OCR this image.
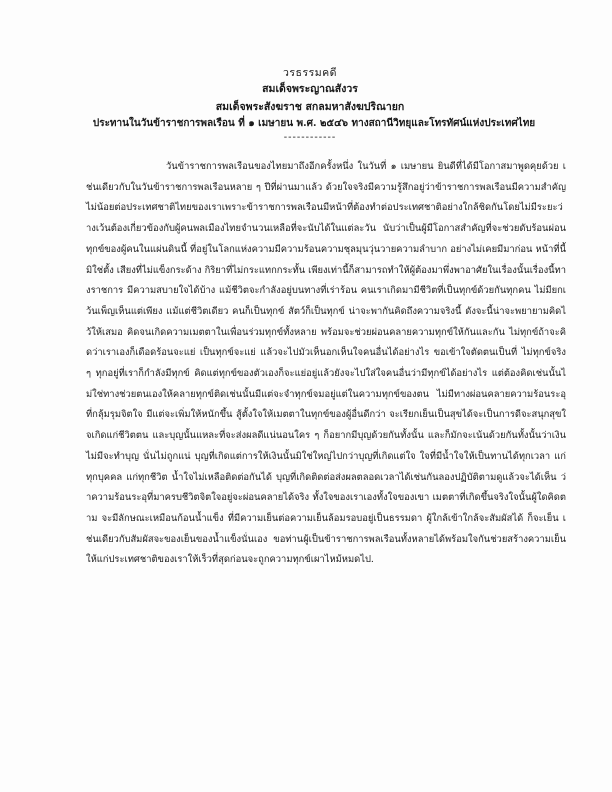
วรธรรมคดี
สมเด็จพระญาณสังวร
สมเด็จพระสังฆราช สกลมหาสังฆปริณายก
ประทานในวันข้าราชการพลเรือน ที่ ๑ เมษายน พ.ศ. ๒๕๔๖ ทางสถานีวิทยุและโทรทัศน์แห่งประเทศไทย
------------

วันข้าราชการพลเรือนของไทยมาถึงอีกครั้งหนึ่ง ในวันที่ ๑ เมษายน ยินดีที่ได้มีโอกาสมาพูดคุยด้วย เช่นเดียวกับในวันข้าราชการพลเรือนหลาย ๆ ปีที่ผ่านมาแล้ว ด้วยใจจริงมีความรู้สึกอยู่ว่าข้าราชการพลเรือนมีความสำคัญไม่น้อยต่อประเทศชาติไทยของเราเพราะข้าราชการพลเรือนมีหน้าที่ต้องทำต่อประเทศชาติอย่างใกล้ชิดกันโดยไม่มีระยะว่างเว้นต้องเกี่ยวข้องกับผู้คนพลเมืองไทยจำนวนเหลือที่จะนับได้ในแต่ละวัน นับว่าเป็นผู้มีโอกาสสำคัญที่จะช่วยดับร้อนผ่อนทุกข์ของผู้คนในแผ่นดินนี้ ที่อยู่ในโลกแห่งความมีความร้อนความชุลมุนวุ่นวายความลำบาก อย่างไม่เคยมีมาก่อน หน้าที่นี้มิใช่ตั้ง เสียงที่ไม่แข็งกระด้าง กิริยาที่ไม่กระแทกกระทั้น เพียงเท่านี้ก็สามารถทำให้ผู้ต้องมาพึ่งพาอาศัยในเรื่องนั้นเรื่องนี้ทางราชการ มีความสบายใจได้บ้าง แม้ชีวิตจะกำลังอยู่บนทางที่เร่าร้อน คนเราเกิดมามีชีวิตที่เป็นทุกข์ด้วยกันทุกคน ไม่มียกเว้นเพ็ญเห็นแต่เพียง แม้แต่ชีวิตเดียว คนก็เป็นทุกข์ สัตว์ก็เป็นทุกข์ น่าจะพากันคิดถึงความจริงนี้ ดังจะนี้น่าจะพยายามคิดไว้ให้เสมอ คิดจนเกิดความเมตตาในเพื่อนร่วมทุกข์ทั้งหลาย พร้อมจะช่วยผ่อนคลายความทุกข์ให้กันและกัน ไม่ทุกข์ถ้าจะคิดว่าเราเองก็เดือดร้อนจะแย่ เป็นทุกข์จะแย่ แล้วจะไปมัวเห็นอกเห็นใจคนอื่นได้อย่างไร ขอเข้าใจตัดตนเป็นที่ ไม่ทุกข์จริง ๆ ทุกอยู่ที่เราก็กำลังมีทุกข์ คิดแต่ทุกข์ของตัวเองก็จะแย่อยู่แล้วยังจะไปใส่ใจคนอื่นว่ามีทุกข์ได้อย่างไร แต่ต้องคิดเช่นนั้นไม่ใช่ทางช่วยตนเองให้คลายทุกข์ติดเช่นนั้นมีแต่จะจำทุกข์จมอยู่แต่ในความทุกข์ของตน ไม่มีทางผ่อนคลายความร้อนระอุที่กลุ้มรุมจิตใจ มีแต่จะเพิ่มให้หนักขึ้น สู้ตั้งใจให้เมตตาในทุกข์ของผู้อื่นดีกว่า จะเรียกเย็นเป็นสุขได้จะเป็นการดีจะสนุกสุขใจเกิดแก่ชีวิตตน และบุญนั้นแหละที่จะส่งผลดีแน่นอนใคร ๆ ก็อยากมีบุญด้วยกันทั้งนั้น และก็มักจะเน้นด้วยกันทั้งนั้นว่าเงินไม่มีจะทำบุญ นั่นไม่ถูกแน่ บุญที่เกิดแต่การให้เงินนั้นมิใช่ใหญ่ไปกว่าบุญที่เกิดแต่ใจ ใจที่มีน้ำใจให้เป็นทานได้ทุกเวลา แก่ทุกบุคคล แก่ทุกชีวิต น้ำใจไม่เหลือติดต่อกันได้ บุญที่เกิดติดต่อส่งผลตลอดเวลาได้เช่นกันลองปฏิบัติตามดูแล้วจะได้เห็น ว่าความร้อนระอุที่มาครบชีวิตจิตใจอยู่จะผ่อนคลายได้จริง ทั้งใจของเราเองทั้งใจของเขา เมตตาที่เกิดขึ้นจริงใจนั้นผู้ใดคิดตาม จะมีลักษณะเหมือนก้อนน้ำแข็ง ที่มีความเย็นต่อความเย็นล้อมรอบอยู่เป็นธรรมดา ผู้ใกล้เข้าใกล้จะสัมผัสได้ ก็จะเย็น เช่นเดียวกับสัมผัสจะของเย็นของน้ำแข็งนั่นเอง ขอท่านผู้เป็นข้าราชการพลเรือนทั้งหลายได้พร้อมใจกันช่วยสร้างความเย็นให้แก่ประเทศชาติของเราให้เร็วที่สุดก่อนจะถูกความทุกข์เผาไหม้หมดไป.
